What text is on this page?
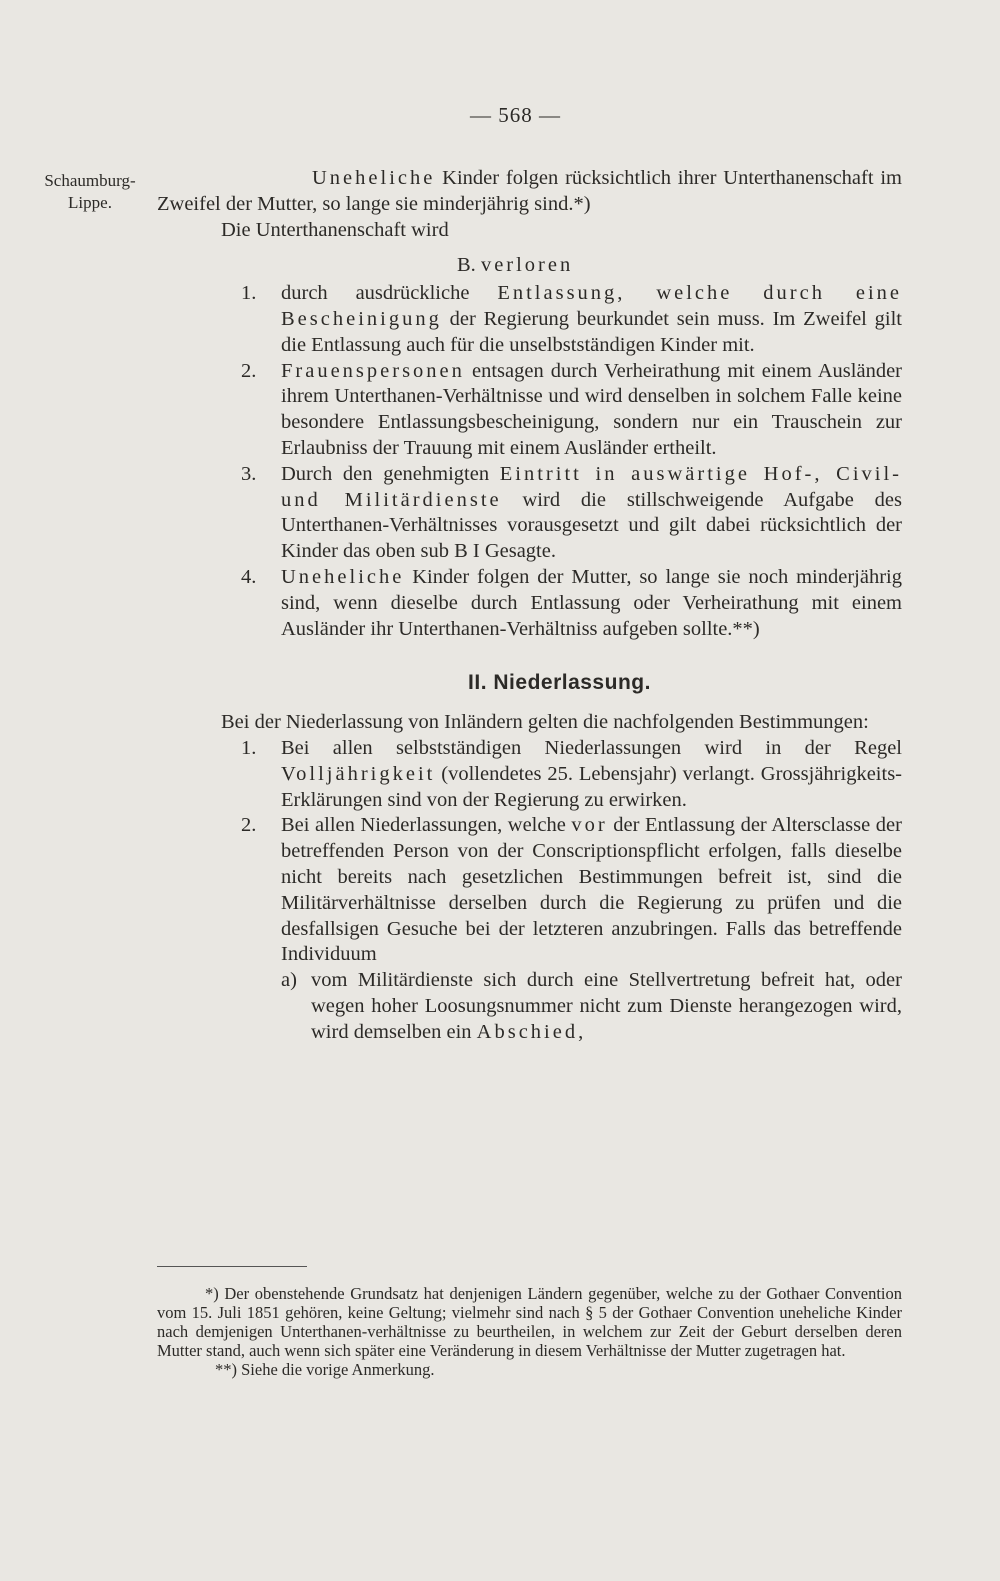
— 568 —
Schaumburg-
Lippe.

Uneheliche Kinder folgen rücksichtlich ihrer Unterthanenschaft im Zweifel der Mutter, so lange sie minderjährig sind.*)

Die Unterthanenschaft wird

B. verloren

1. durch ausdrückliche Entlassung, welche durch eine Bescheinigung der Regierung beurkundet sein muss. Im Zweifel gilt die Entlassung auch für die unselbstständigen Kinder mit.
2. Frauenspersonen entsagen durch Verheirathung mit einem Ausländer ihrem Unterthanen-Verhältnisse und wird denselben in solchem Falle keine besondere Entlassungsbescheinigung, sondern nur ein Trauschein zur Erlaubniss der Trauung mit einem Ausländer ertheilt.
3. Durch den genehmigten Eintritt in auswärtige Hof-, Civil- und Militärdienste wird die stillschweigende Aufgabe des Unterthanen-Verhältnisses vorausgesetzt und gilt dabei rücksichtlich der Kinder das oben sub B I Gesagte.
4. Uneheliche Kinder folgen der Mutter, so lange sie noch minderjährig sind, wenn dieselbe durch Entlassung oder Verheirathung mit einem Ausländer ihr Unterthanen-Verhältniss aufgeben sollte.**)

II. Niederlassung.

Bei der Niederlassung von Inländern gelten die nachfolgenden Bestimmungen:

1. Bei allen selbstständigen Niederlassungen wird in der Regel Volljährigkeit (vollendetes 25. Lebensjahr) verlangt. Grossjährigkeits-Erklärungen sind von der Regierung zu erwirken.
2. Bei allen Niederlassungen, welche vor der Entlassung der Altersclasse der betreffenden Person von der Conscriptionspflicht erfolgen, falls dieselbe nicht bereits nach gesetzlichen Bestimmungen befreit ist, sind die Militärverhältnisse derselben durch die Regierung zu prüfen und die desfallsigen Gesuche bei der letzteren anzubringen. Falls das betreffende Individuum
a) vom Militärdienste sich durch eine Stellvertretung befreit hat, oder wegen hoher Loosungsnummer nicht zum Dienste herangezogen wird, wird demselben ein Abschied,

*) Der obenstehende Grundsatz hat denjenigen Ländern gegenüber, welche zu der Gothaer Convention vom 15. Juli 1851 gehören, keine Geltung; vielmehr sind nach § 5 der Gothaer Convention uneheliche Kinder nach demjenigen Unterthanen-verhältnisse zu beurtheilen, in welchem zur Zeit der Geburt derselben deren Mutter stand, auch wenn sich später eine Veränderung in diesem Verhältnisse der Mutter zugetragen hat.

**) Siehe die vorige Anmerkung.
